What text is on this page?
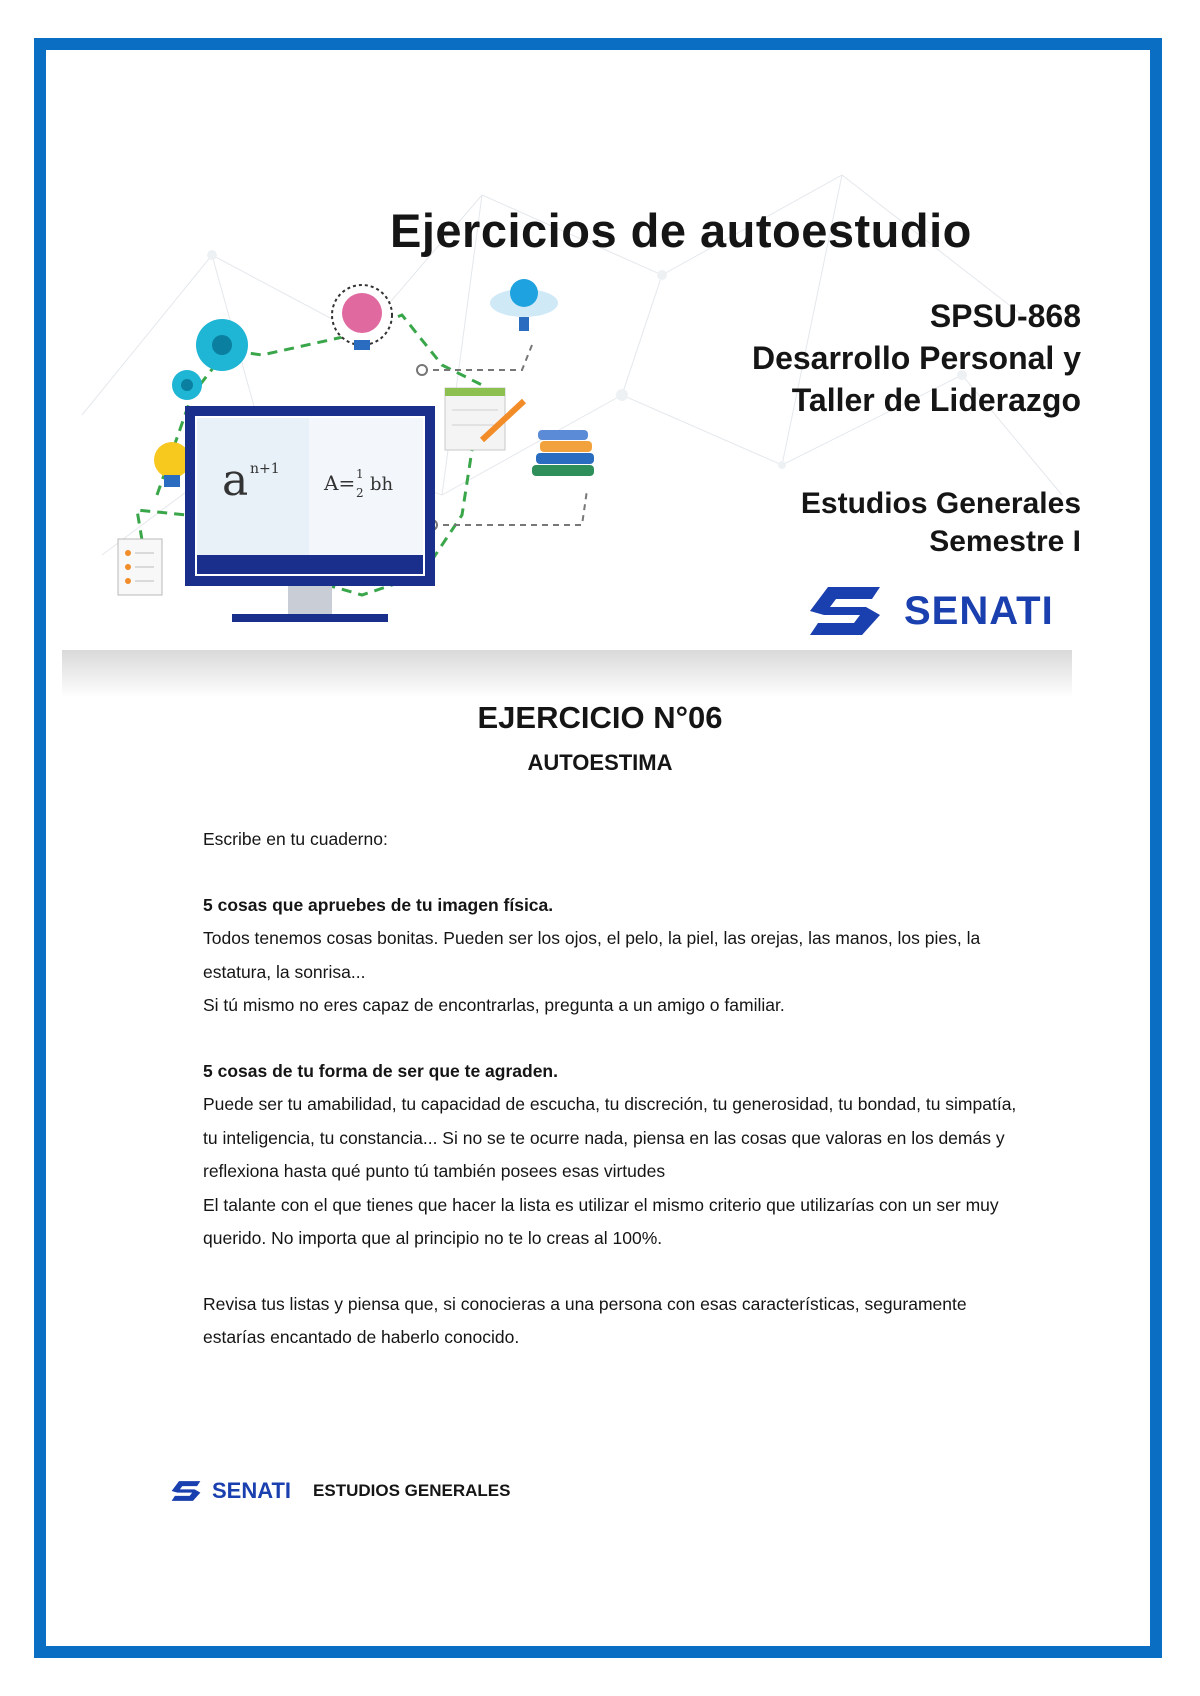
a n+1
A= 1
2 bh
Ejercicios de autoestudio
SPSU-868
Desarrollo Personal y
Taller de Liderazgo
Estudios Generales
Semestre I
SENATI
EJERCICIO N°06
AUTOESTIMA

Escribe en tu cuaderno:

5 cosas que apruebes de tu imagen física.

Todos tenemos cosas bonitas. Pueden ser los ojos, el pelo, la piel, las orejas, las manos, los pies, la estatura, la sonrisa...

Si tú mismo no eres capaz de encontrarlas, pregunta a un amigo o familiar.

5 cosas de tu forma de ser que te agraden.

Puede ser tu amabilidad, tu capacidad de escucha, tu discreción, tu generosidad, tu bondad, tu simpatía, tu inteligencia, tu constancia... Si no se te ocurre nada, piensa en las cosas que valoras en los demás y reflexiona hasta qué punto tú también posees esas virtudes

El talante con el que tienes que hacer la lista es utilizar el mismo criterio que utilizarías con un ser muy querido. No importa que al principio no te lo creas al 100%.

Revisa tus listas y piensa que, si conocieras a una persona con esas características, seguramente estarías encantado de haberlo conocido.

SENATI ESTUDIOS GENERALES
